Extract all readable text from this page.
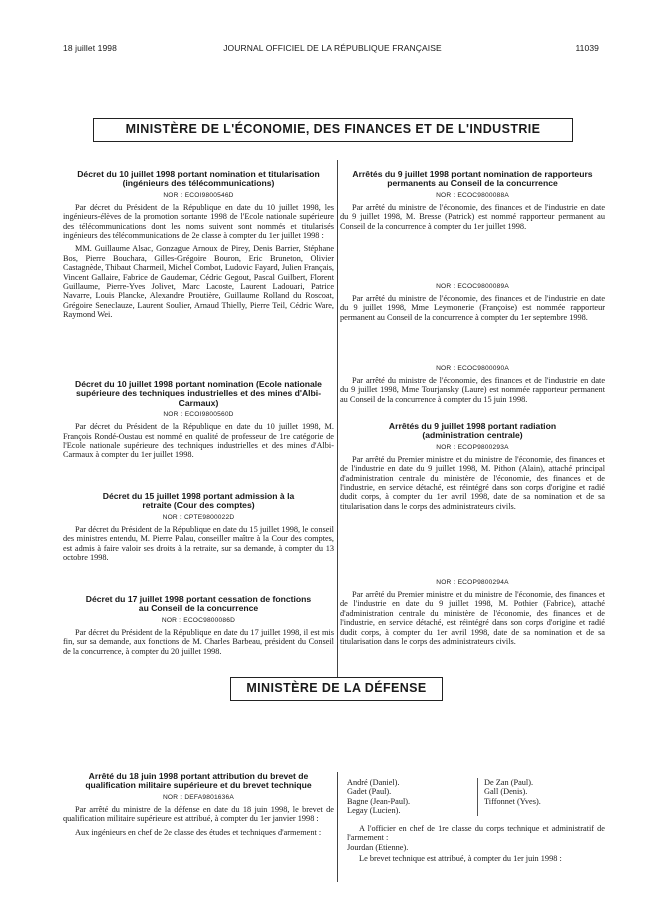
18 juillet 1998	JOURNAL OFFICIEL DE LA RÉPUBLIQUE FRANÇAISE	11039
MINISTÈRE DE L'ÉCONOMIE, DES FINANCES ET DE L'INDUSTRIE

Décret du 10 juillet 1998 portant nomination et titularisation (ingénieurs des télécommunications)

NOR : ECOI9800546D

Par décret du Président de la République en date du 10 juillet 1998, les ingénieurs-élèves de la promotion sortante 1998 de l'Ecole nationale supérieure des télécommunications dont les noms suivent sont nommés et titularisés ingénieurs des télécommunications de 2e classe à compter du 1er juillet 1998 :

MM. Guillaume Alsac, Gonzague Arnoux de Pirey, Denis Barrier, Stéphane Bos, Pierre Bouchara, Gilles-Grégoire Bouron, Eric Bruneton, Olivier Castagnède, Thibaut Charmeil, Michel Combot, Ludovic Fayard, Julien Français, Vincent Gallaire, Fabrice de Gaudemar, Cédric Gegout, Pascal Guilbert, Florent Guillaume, Pierre-Yves Jolivet, Marc Lacoste, Laurent Ladouari, Patrice Navarre, Louis Plancke, Alexandre Proutière, Guillaume Rolland du Roscoat, Grégoire Seneclauze, Laurent Soulier, Arnaud Thielly, Pierre Teil, Cédric Ware, Raymond Wei.

Décret du 10 juillet 1998 portant nomination (Ecole nationale supérieure des techniques industrielles et des mines d'Albi-Carmaux)

NOR : ECOI9800560D

Par décret du Président de la République en date du 10 juillet 1998, M. François Rondé-Oustau est nommé en qualité de professeur de 1re catégorie de l'Ecole nationale supérieure des techniques industrielles et des mines d'Albi-Carmaux à compter du 1er juillet 1998.

Décret du 15 juillet 1998 portant admission à la retraite (Cour des comptes)

NOR : CPTE9800022D

Par décret du Président de la République en date du 15 juillet 1998, le conseil des ministres entendu, M. Pierre Palau, conseiller maître à la Cour des comptes, est admis à faire valoir ses droits à la retraite, sur sa demande, à compter du 13 octobre 1998.

Décret du 17 juillet 1998 portant cessation de fonctions au Conseil de la concurrence

NOR : ECOC9800086D

Par décret du Président de la République en date du 17 juillet 1998, il est mis fin, sur sa demande, aux fonctions de M. Charles Barbeau, président du Conseil de la concurrence, à compter du 20 juillet 1998.

Arrêtés du 9 juillet 1998 portant nomination de rapporteurs permanents au Conseil de la concurrence

NOR : ECOC9800088A

Par arrêté du ministre de l'économie, des finances et de l'industrie en date du 9 juillet 1998, M. Bresse (Patrick) est nommé rapporteur permanent au Conseil de la concurrence à compter du 1er juillet 1998.

NOR : ECOC9800089A

Par arrêté du ministre de l'économie, des finances et de l'industrie en date du 9 juillet 1998, Mme Leymonerie (Françoise) est nommée rapporteur permanent au Conseil de la concurrence à compter du 1er septembre 1998.

NOR : ECOC9800090A

Par arrêté du ministre de l'économie, des finances et de l'industrie en date du 9 juillet 1998, Mme Tourjansky (Laure) est nommée rapporteur permanent au Conseil de la concurrence à compter du 15 juin 1998.

Arrêtés du 9 juillet 1998 portant radiation (administration centrale)

NOR : ECOP9800293A

Par arrêté du Premier ministre et du ministre de l'économie, des finances et de l'industrie en date du 9 juillet 1998, M. Pithon (Alain), attaché principal d'administration centrale du ministère de l'économie, des finances et de l'industrie, en service détaché, est réintégré dans son corps d'origine et radié dudit corps, à compter du 1er avril 1998, date de sa nomination et de sa titularisation dans le corps des administrateurs civils.

NOR : ECOP9800294A

Par arrêté du Premier ministre et du ministre de l'économie, des finances et de l'industrie en date du 9 juillet 1998, M. Pothier (Fabrice), attaché d'administration centrale du ministère de l'économie, des finances et de l'industrie, en service détaché, est réintégré dans son corps d'origine et radié dudit corps, à compter du 1er avril 1998, date de sa nomination et de sa titularisation dans le corps des administrateurs civils.

MINISTÈRE DE LA DÉFENSE

Arrêté du 18 juin 1998 portant attribution du brevet de qualification militaire supérieure et du brevet technique

NOR : DEFA9801636A

Par arrêté du ministre de la défense en date du 18 juin 1998, le brevet de qualification militaire supérieure est attribué, à compter du 1er janvier 1998 :

Aux ingénieurs en chef de 2e classe des études et techniques d'armement :

André (Daniel).	De Zan (Paul).
Gadet (Paul).	Gall (Denis).
Bagne (Jean-Paul).	Tiffonnet (Yves).
Legay (Lucien).

A l'officier en chef de 1re classe du corps technique et administratif de l'armement :

Jourdan (Etienne).

Le brevet technique est attribué, à compter du 1er juin 1998 :
